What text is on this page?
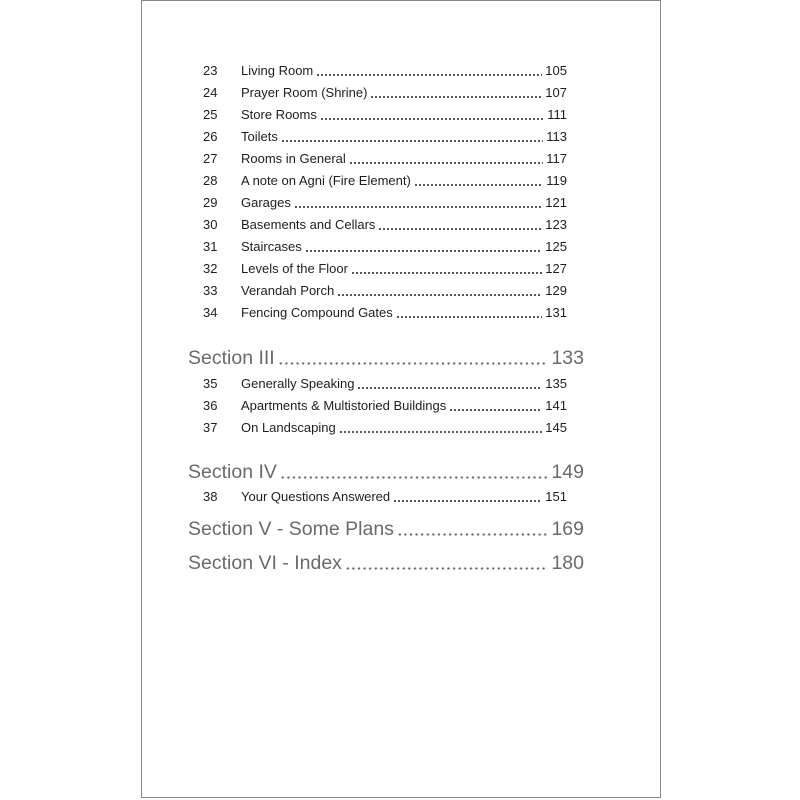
23	Living Room	105
24	Prayer Room (Shrine)	107
25	Store Rooms	111
26	Toilets	113
27	Rooms in General	117
28	A note on Agni (Fire Element)	119
29	Garages	121
30	Basements and Cellars	123
31	Staircases	125
32	Levels of the Floor	127
33	Verandah Porch	129
34	Fencing Compound Gates	131
Section III	133
35	Generally Speaking	135
36	Apartments & Multistoried Buildings	141
37	On Landscaping	145
Section IV	149
38	Your Questions Answered	151
Section V - Some Plans	169
Section VI - Index	180
